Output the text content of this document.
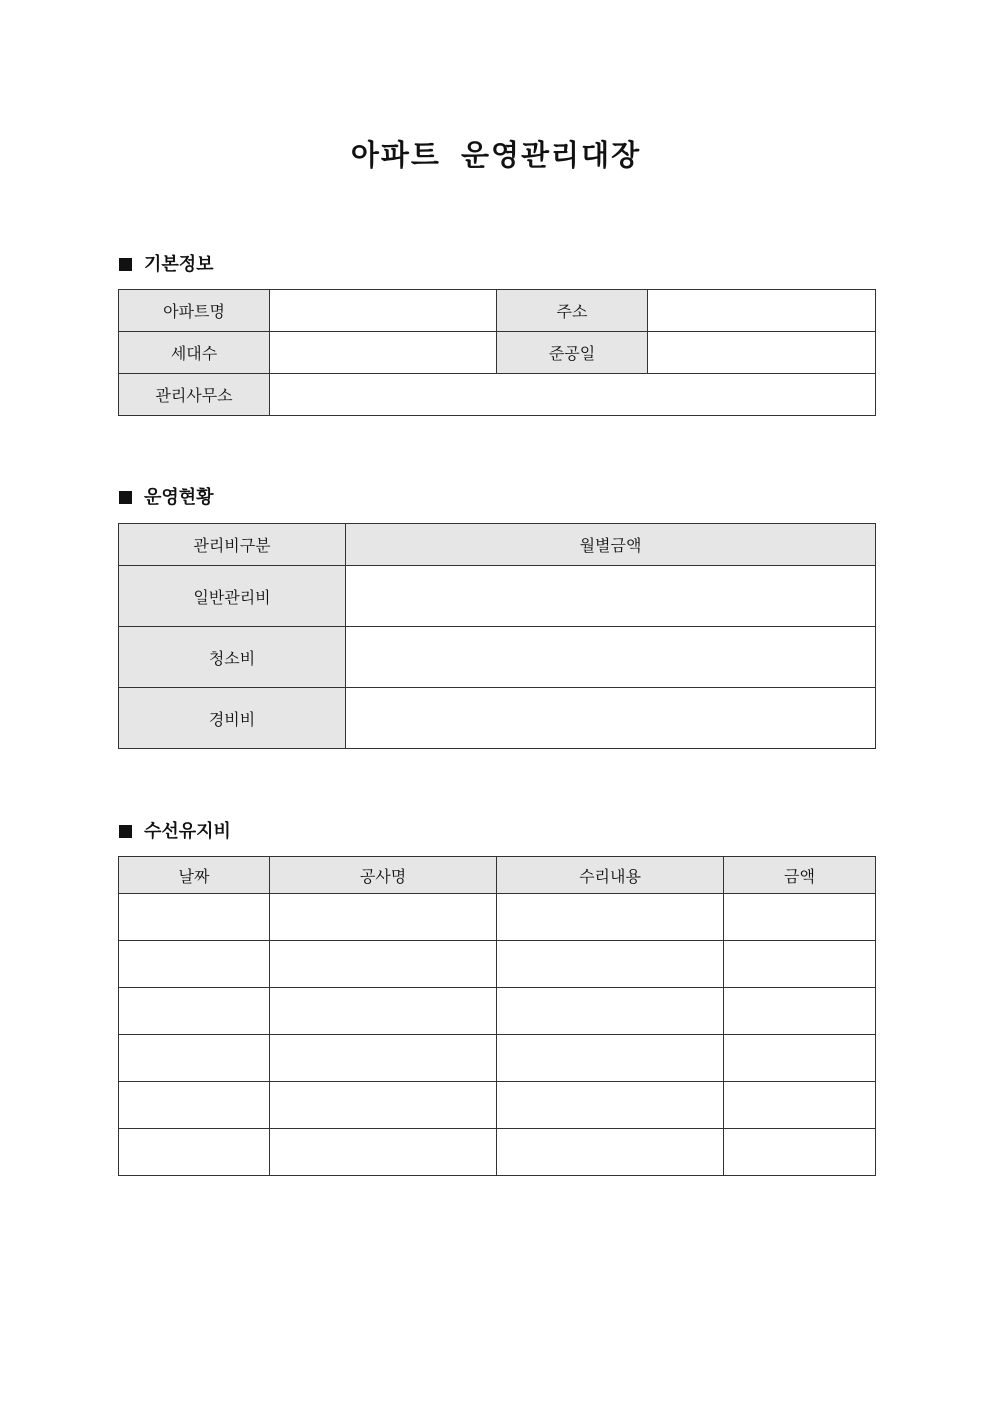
아파트 운영관리대장
기본정보
아파트명		주소	
세대수		준공일	
관리사무소			
운영현황
관리비구분	월별금액
일반관리비	
청소비	
경비비	
수선유지비
날짜	공사명	수리내용	금액
